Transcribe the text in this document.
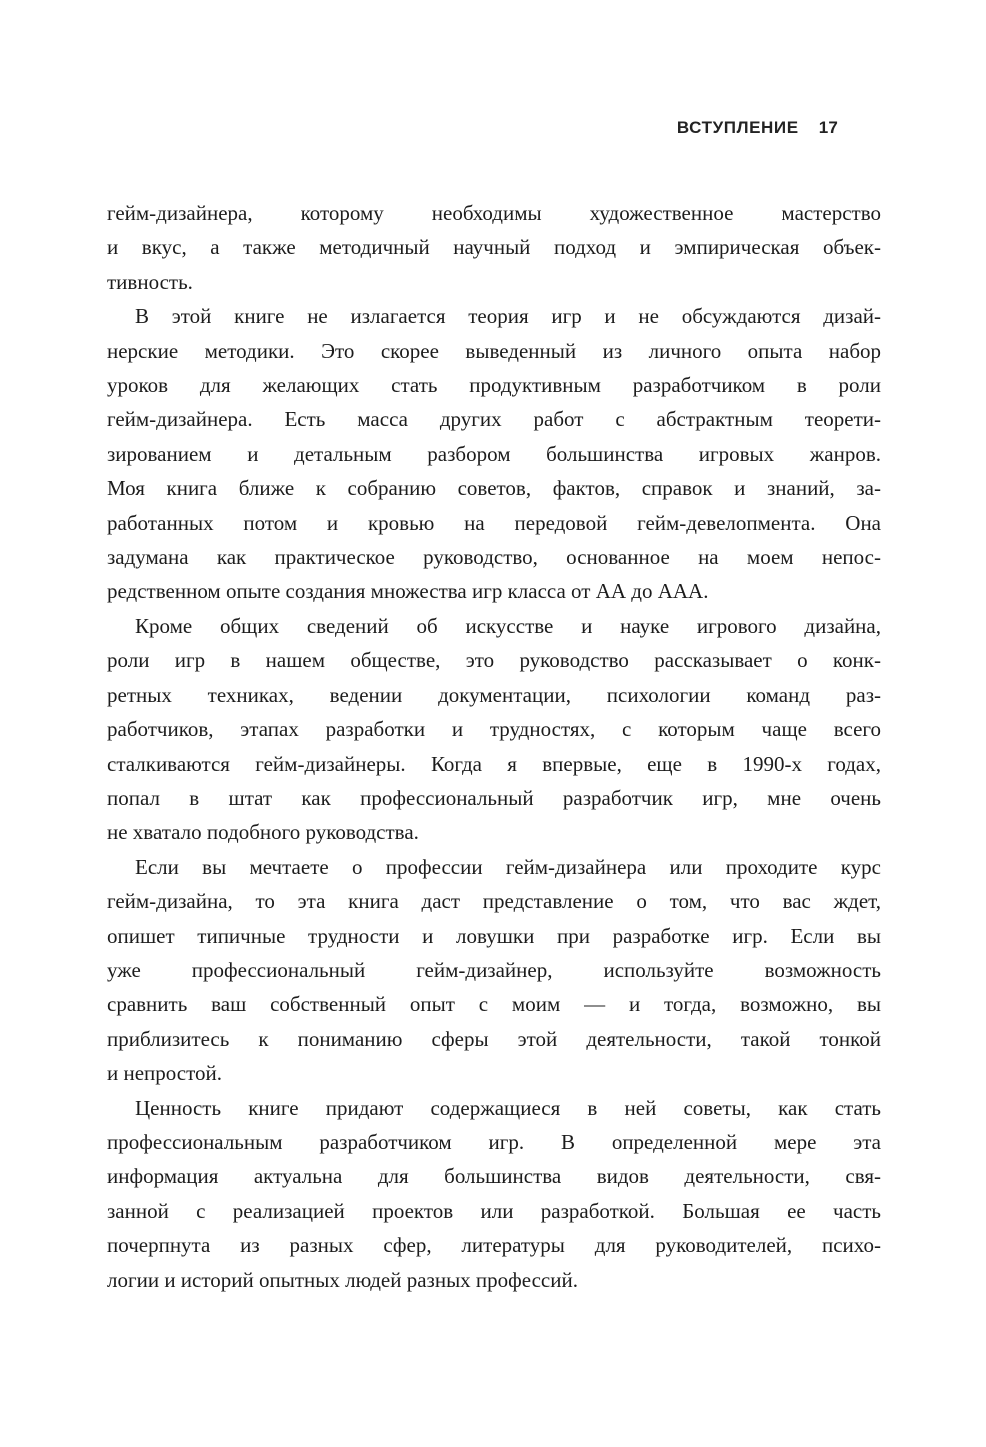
ВСТУПЛЕНИЕ 17

гейм-дизайнера, которому необходимы художественное мастерство
и вкус, а также методичный научный подход и эмпирическая объек-
тивность.

В этой книге не излагается теория игр и не обсуждаются дизай-
нерские методики. Это скорее выведенный из личного опыта набор
уроков для желающих стать продуктивным разработчиком в роли
гейм-дизайнера. Есть масса других работ с абстрактным теорети-
зированием и детальным разбором большинства игровых жанров.
Моя книга ближе к собранию советов, фактов, справок и знаний, за-
работанных потом и кровью на передовой гейм-девелопмента. Она
задумана как практическое руководство, основанное на моем непос-
редственном опыте создания множества игр класса от АА до ААА.

Кроме общих сведений об искусстве и науке игрового дизайна,
роли игр в нашем обществе, это руководство рассказывает о конк-
ретных техниках, ведении документации, психологии команд раз-
работчиков, этапах разработки и трудностях, с которым чаще всего
сталкиваются гейм-дизайнеры. Когда я впервые, еще в 1990-х годах,
попал в штат как профессиональный разработчик игр, мне очень
не хватало подобного руководства.

Если вы мечтаете о профессии гейм-дизайнера или проходите курс
гейм-дизайна, то эта книга даст представление о том, что вас ждет,
опишет типичные трудности и ловушки при разработке игр. Если вы
уже профессиональный гейм-дизайнер, используйте возможность
сравнить ваш собственный опыт с моим — и тогда, возможно, вы
приблизитесь к пониманию сферы этой деятельности, такой тонкой
и непростой.

Ценность книге придают содержащиеся в ней советы, как стать
профессиональным разработчиком игр. В определенной мере эта
информация актуальна для большинства видов деятельности, свя-
занной с реализацией проектов или разработкой. Большая ее часть
почерпнута из разных сфер, литературы для руководителей, психо-
логии и историй опытных людей разных профессий.
